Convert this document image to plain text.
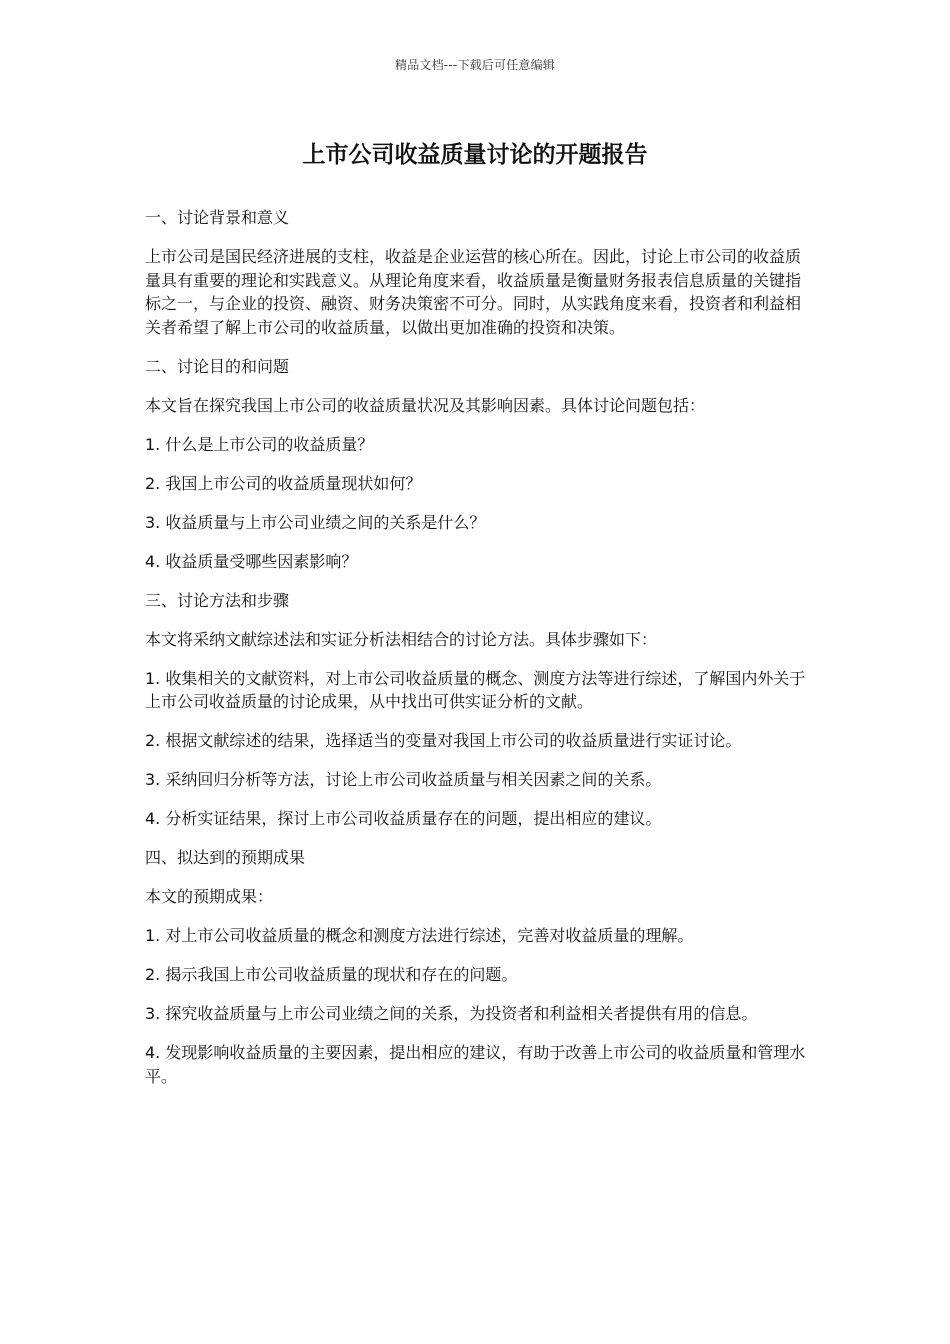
精品文档---下载后可任意编辑
上市公司收益质量讨论的开题报告

一、讨论背景和意义

上市公司是国民经济进展的支柱，收益是企业运营的核心所在。因此，讨论上市公司的收益质量具有重要的理论和实践意义。从理论角度来看，收益质量是衡量财务报表信息质量的关键指标之一，与企业的投资、融资、财务决策密不可分。同时，从实践角度来看，投资者和利益相关者希望了解上市公司的收益质量，以做出更加准确的投资和决策。

二、讨论目的和问题

本文旨在探究我国上市公司的收益质量状况及其影响因素。具体讨论问题包括：

1. 什么是上市公司的收益质量？

2. 我国上市公司的收益质量现状如何？

3. 收益质量与上市公司业绩之间的关系是什么？

4. 收益质量受哪些因素影响？

三、讨论方法和步骤

本文将采纳文献综述法和实证分析法相结合的讨论方法。具体步骤如下：

1. 收集相关的文献资料，对上市公司收益质量的概念、测度方法等进行综述，了解国内外关于上市公司收益质量的讨论成果，从中找出可供实证分析的文献。

2. 根据文献综述的结果，选择适当的变量对我国上市公司的收益质量进行实证讨论。

3. 采纳回归分析等方法，讨论上市公司收益质量与相关因素之间的关系。

4. 分析实证结果，探讨上市公司收益质量存在的问题，提出相应的建议。

四、拟达到的预期成果

本文的预期成果：

1. 对上市公司收益质量的概念和测度方法进行综述，完善对收益质量的理解。

2. 揭示我国上市公司收益质量的现状和存在的问题。

3. 探究收益质量与上市公司业绩之间的关系，为投资者和利益相关者提供有用的信息。

4. 发现影响收益质量的主要因素，提出相应的建议，有助于改善上市公司的收益质量和管理水平。
